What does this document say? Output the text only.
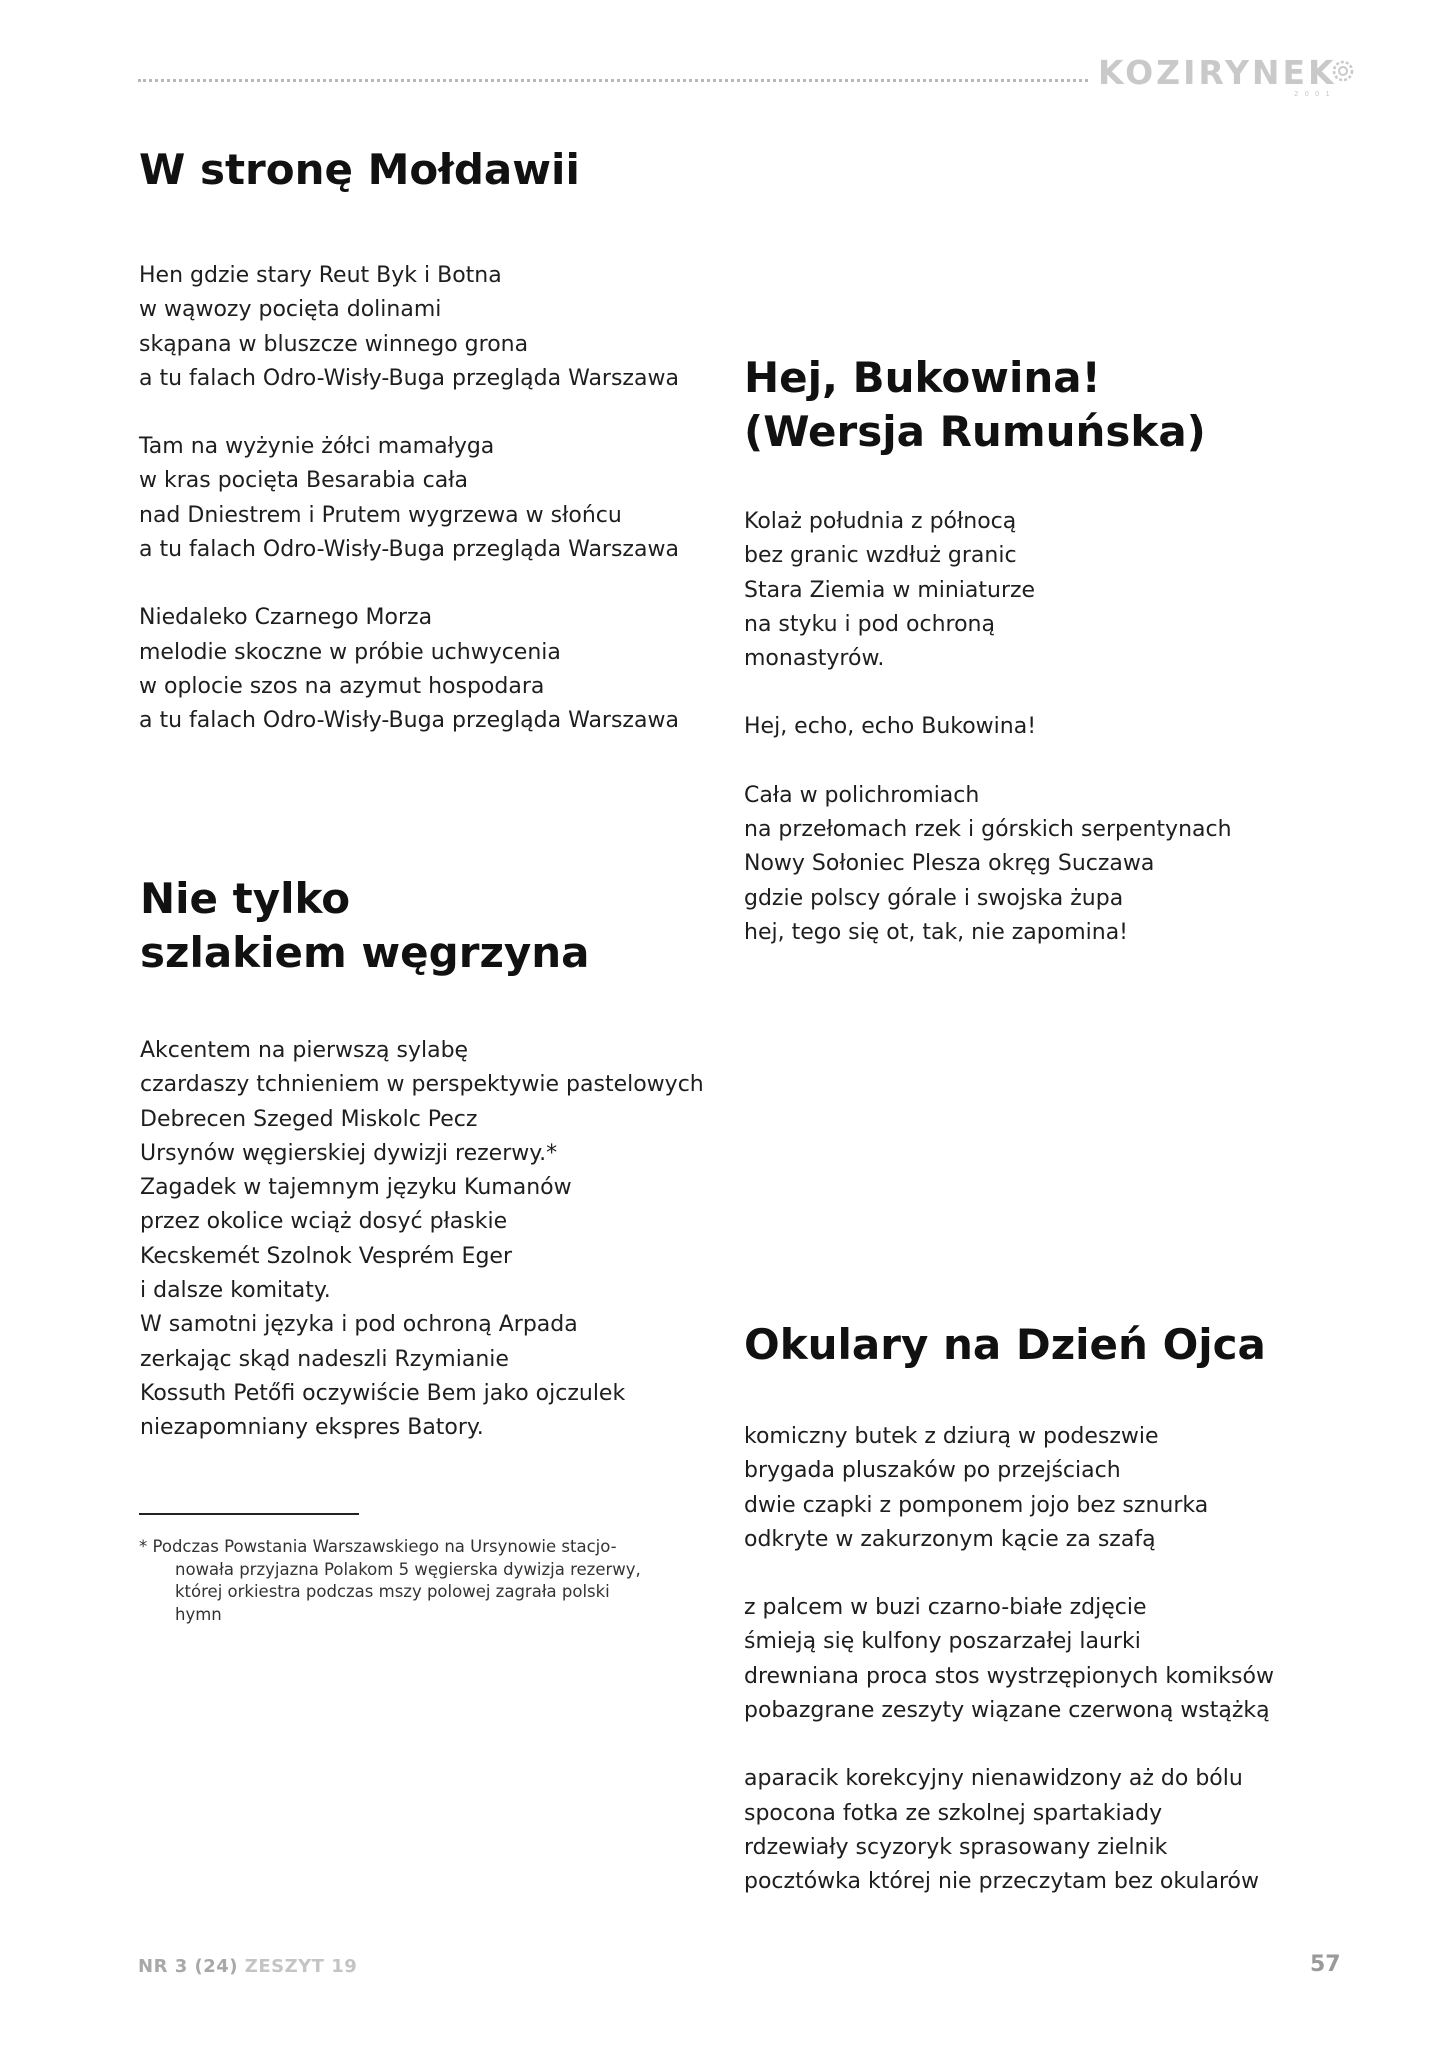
KOZIRYNEK
2001
W stronę Mołdawii

Hen gdzie stary Reut Byk i Botna
w wąwozy pocięta dolinami
skąpana w bluszcze winnego grona
a tu falach Odro-Wisły-Buga przegląda Warszawa

Tam na wyżynie żółci mamałyga
w kras pocięta Besarabia cała
nad Dniestrem i Prutem wygrzewa w słońcu
a tu falach Odro-Wisły-Buga przegląda Warszawa

Niedaleko Czarnego Morza
melodie skoczne w próbie uchwycenia
w oplocie szos na azymut hospodara
a tu falach Odro-Wisły-Buga przegląda Warszawa

Hej, Bukowina!
(Wersja Rumuńska)

Kolaż południa z północą
bez granic wzdłuż granic
Stara Ziemia w miniaturze
na styku i pod ochroną
monastyrów.

Hej, echo, echo Bukowina!

Cała w polichromiach
na przełomach rzek i górskich serpentynach
Nowy Sołoniec Plesza okręg Suczawa
gdzie polscy górale i swojska żupa
hej, tego się ot, tak, nie zapomina!

Nie tylko
szlakiem węgrzyna

Akcentem na pierwszą sylabę
czardaszy tchnieniem w perspektywie pastelowych
Debrecen Szeged Miskolc Pecz
Ursynów węgierskiej dywizji rezerwy.*
Zagadek w tajemnym języku Kumanów
przez okolice wciąż dosyć płaskie
Kecskemét Szolnok Vesprém Eger
i dalsze komitaty.
W samotni języka i pod ochroną Arpada
zerkając skąd nadeszli Rzymianie
Kossuth Petőfi oczywiście Bem jako ojczulek
niezapomniany ekspres Batory.

Okulary na Dzień Ojca

komiczny butek z dziurą w podeszwie
brygada pluszaków po przejściach
dwie czapki z pomponem jojo bez sznurka
odkryte w zakurzonym kącie za szafą

z palcem w buzi czarno-białe zdjęcie
śmieją się kulfony poszarzałej laurki
drewniana proca stos wystrzępionych komiksów
pobazgrane zeszyty wiązane czerwoną wstążką

aparacik korekcyjny nienawidzony aż do bólu
spocona fotka ze szkolnej spartakiady
rdzewiały scyzoryk sprasowany zielnik
pocztówka której nie przeczytam bez okularów

* Podczas Powstania Warszawskiego na Ursynowie stacjo-
nowała przyjazna Polakom 5 węgierska dywizja rezerwy,
której orkiestra podczas mszy polowej zagrała polski
hymn
NR 3 (24) ZESZYT 19	57
